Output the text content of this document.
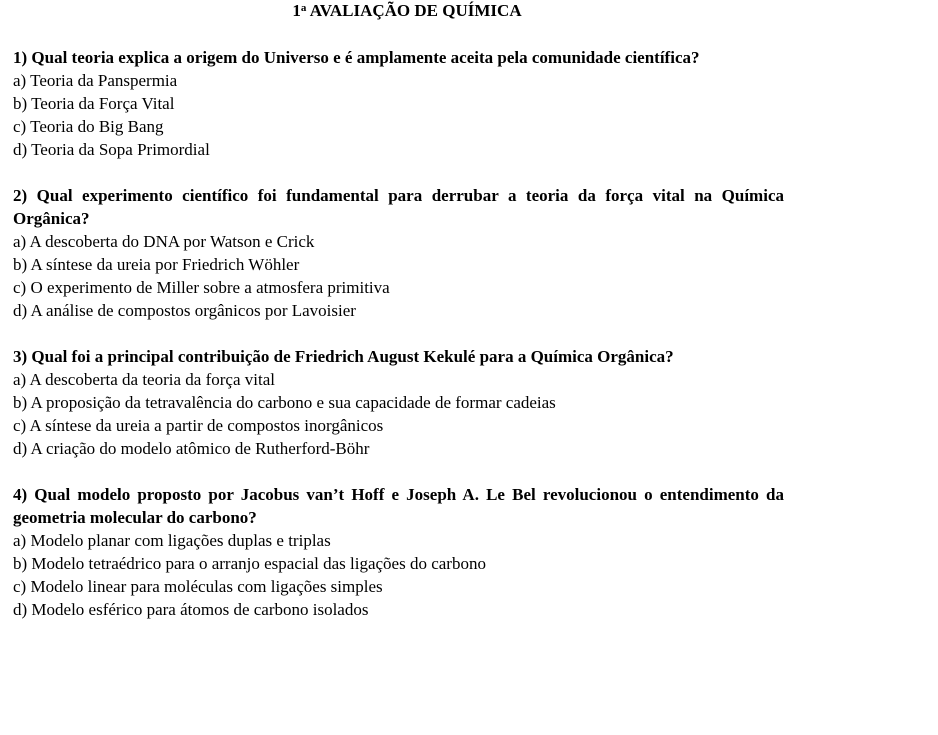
1$^a$ AVALIAÇÃO DE QUÍMICA

1) Qual teoria explica a origem do Universo e é amplamente aceita pela comunidade científica?

a) Teoria da Panspermia

b) Teoria da Força Vital

c) Teoria do Big Bang

d) Teoria da Sopa Primordial

2) Qual experimento científico foi fundamental para derrubar a teoria da força vital na Química Orgânica?

a) A descoberta do DNA por Watson e Crick

b) A síntese da ureia por Friedrich Wöhler

c) O experimento de Miller sobre a atmosfera primitiva

d) A análise de compostos orgânicos por Lavoisier

3) Qual foi a principal contribuição de Friedrich August Kekulé para a Química Orgânica?

a) A descoberta da teoria da força vital

b) A proposição da tetravalência do carbono e sua capacidade de formar cadeias

c) A síntese da ureia a partir de compostos inorgânicos

d) A criação do modelo atômico de Rutherford-Böhr

4) Qual modelo proposto por Jacobus van’t Hoff e Joseph A. Le Bel revolucionou o entendimento da geometria molecular do carbono?

a) Modelo planar com ligações duplas e triplas

b) Modelo tetraédrico para o arranjo espacial das ligações do carbono

c) Modelo linear para moléculas com ligações simples

d) Modelo esférico para átomos de carbono isolados
